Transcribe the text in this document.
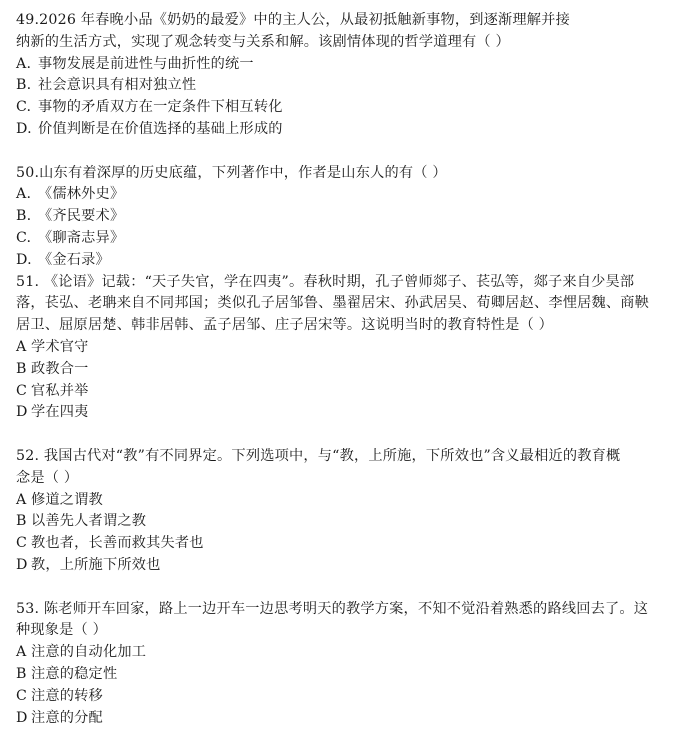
49.2026 年春晚小品《奶奶的最爱》中的主人公，从最初抵触新事物，到逐渐理解并接
纳新的生活方式，实现了观念转变与关系和解。该剧情体现的哲学道理有（ ）
A. 事物发展是前进性与曲折性的统一
B. 社会意识具有相对独立性
C. 事物的矛盾双方在一定条件下相互转化
D. 价值判断是在价值选择的基础上形成的
50.山东有着深厚的历史底蕴，下列著作中，作者是山东人的有（ ）
A. 《儒林外史》
B. 《齐民要术》
C. 《聊斋志异》
D. 《金石录》
51. 《论语》记载：“天子失官，学在四夷”。春秋时期，孔子曾师郯子、苌弘等，郯子来自少昊部
落，苌弘、老聃来自不同邦国；类似孔子居邹鲁、墨翟居宋、孙武居吴、荀卿居赵、李悝居魏、商鞅
居卫、屈原居楚、韩非居韩、孟子居邹、庄子居宋等。这说明当时的教育特性是（ ）
A 学术官守
B 政教合一
C 官私并举
D 学在四夷
52. 我国古代对“教”有不同界定。下列选项中，与“教，上所施，下所效也”含义最相近的教育概
念是（ ）
A 修道之谓教
B 以善先人者谓之教
C 教也者，长善而救其失者也
D 教，上所施下所效也
53. 陈老师开车回家，路上一边开车一边思考明天的教学方案，不知不觉沿着熟悉的路线回去了。这
种现象是（ ）
A 注意的自动化加工
B 注意的稳定性
C 注意的转移
D 注意的分配
